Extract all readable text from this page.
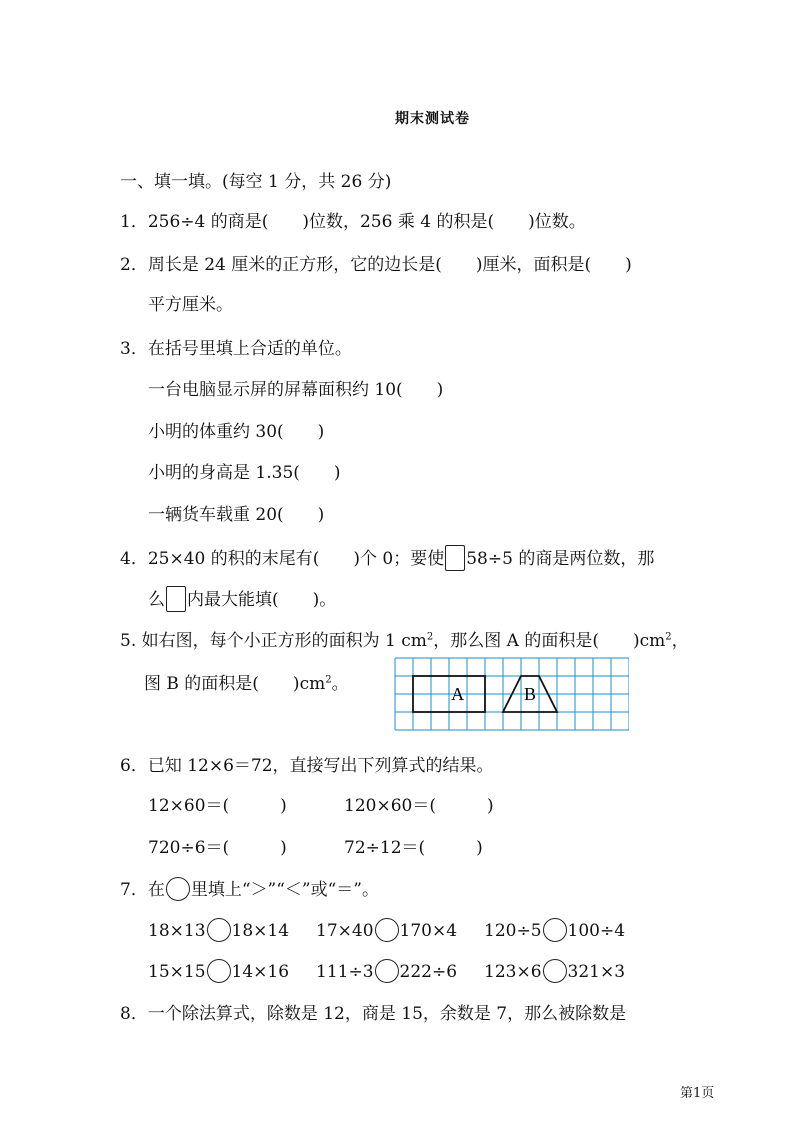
期末测试卷
一、填一填。(每空 1 分，共 26 分)
1．256÷4 的商是(　　)位数，256 乘 4 的积是(　　)位数。
2．周长是 24 厘米的正方形，它的边长是(　　)厘米，面积是(　　)
平方厘米。
3．在括号里填上合适的单位。
一台电脑显示屏的屏幕面积约 10(　　)
小明的体重约 30(　　)
小明的身高是 1.35(　　)
一辆货车载重 20(　　)
4．25×40 的积的末尾有(　　)个 0；要使 58÷5 的商是两位数，那
么 内最大能填(　　)。
5. 如右图，每个小正方形的面积为 1 $cm^2$，那么图 A 的面积是(　　)$cm^2$，
图 B 的面积是(　　)$cm^2$。	A	B
6．已知 12×6＝72，直接写出下列算式的结果。
12×60＝(　　　)	120×60＝(　　　)
720÷6＝(　　　)	72÷12＝(　　　)
7．在 里填上“＞”“＜”或“＝”。
18×13 18×14 17×40 170×4 120÷5 100÷4
15×15 14×16 111÷3 222÷6 123×6 321×3
8．一个除法算式，除数是 12，商是 15，余数是 7，那么被除数是
第1页
